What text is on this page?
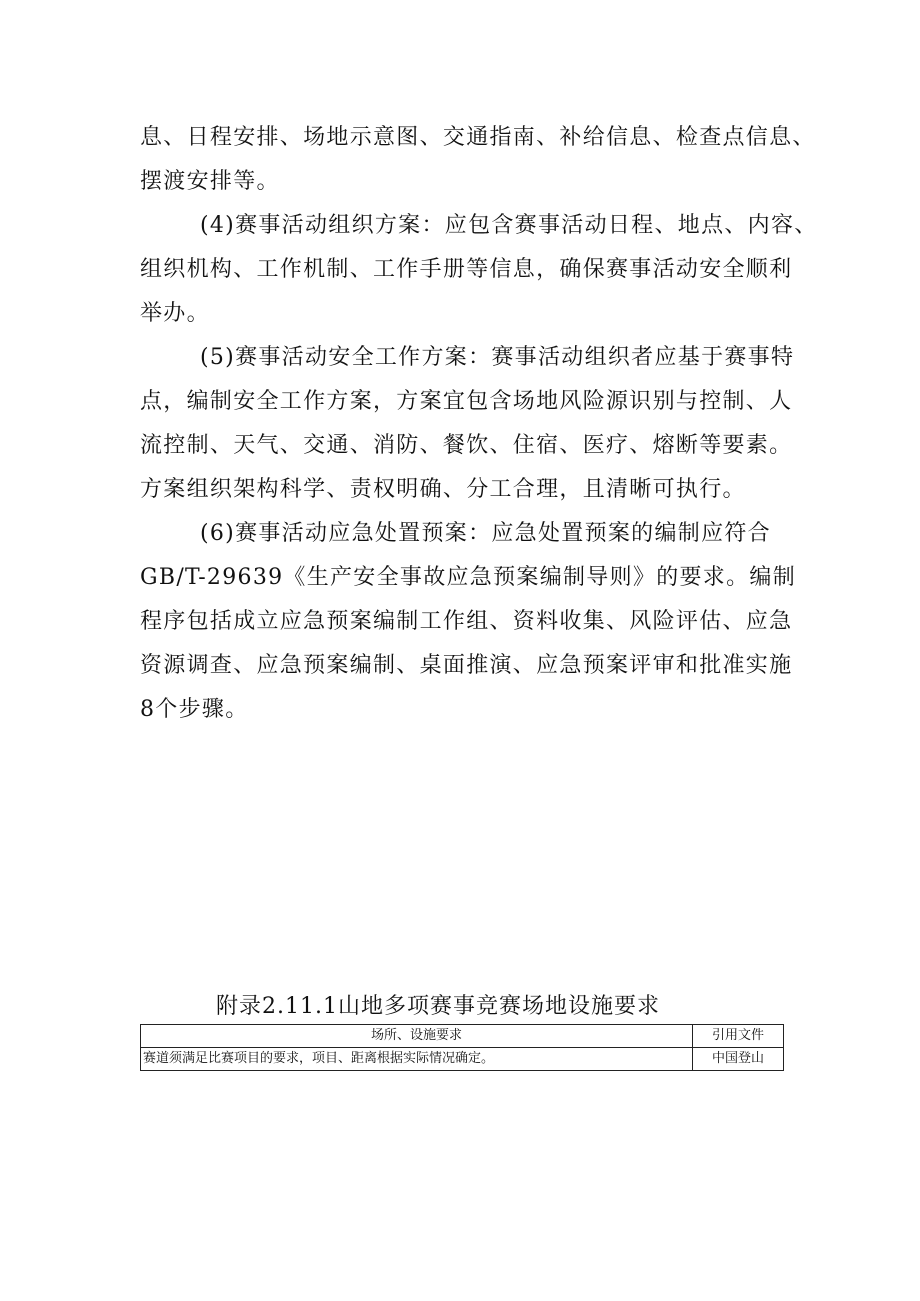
息、日程安排、场地示意图、交通指南、补给信息、检查点信息、
摆渡安排等。
(4)赛事活动组织方案：应包含赛事活动日程、地点、内容、
组织机构、工作机制、工作手册等信息，确保赛事活动安全顺利
举办。
(5)赛事活动安全工作方案：赛事活动组织者应基于赛事特
点，编制安全工作方案，方案宜包含场地风险源识别与控制、人
流控制、天气、交通、消防、餐饮、住宿、医疗、熔断等要素。
方案组织架构科学、责权明确、分工合理，且清晰可执行。
(6)赛事活动应急处置预案：应急处置预案的编制应符合
GB/T-29639《生产安全事故应急预案编制导则》的要求。编制
程序包括成立应急预案编制工作组、资料收集、风险评估、应急
资源调查、应急预案编制、桌面推演、应急预案评审和批准实施
8个步骤。
附录2.11.1山地多项赛事竞赛场地设施要求
场所、设施要求	引用文件
赛道须满足比赛项目的要求，项目、距离根据实际情况确定。	中国登山
